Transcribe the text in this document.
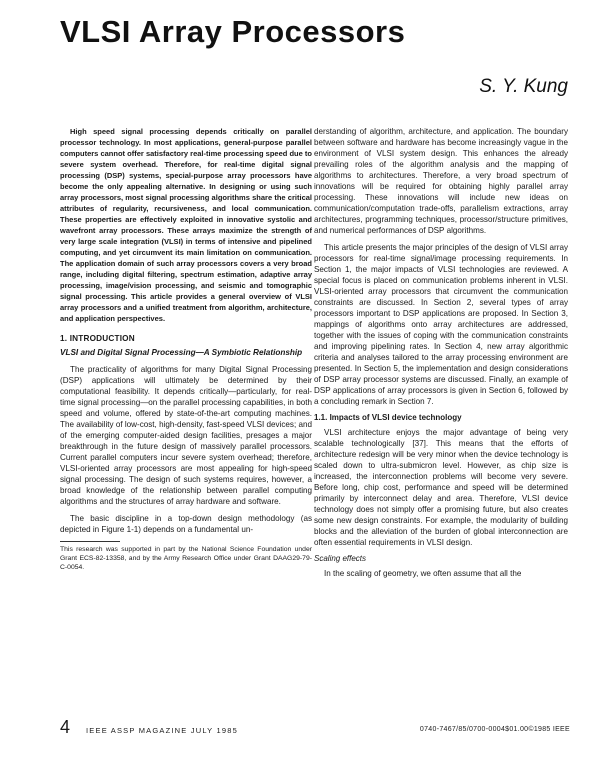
VLSI Array Processors
S. Y. Kung

High speed signal processing depends critically on parallel processor technology. In most applications, general-purpose parallel computers cannot offer satisfactory real-time processing speed due to severe system overhead. Therefore, for real-time digital signal processing (DSP) systems, special-purpose array processors have become the only appealing alternative. In designing or using such array processors, most signal processing algorithms share the critical attributes of regularity, recursiveness, and local communication. These properties are effectively exploited in innovative systolic and wavefront array processors. These arrays maximize the strength of very large scale integration (VLSI) in terms of intensive and pipelined computing, and yet circumvent its main limitation on communication. The application domain of such array processors covers a very broad range, including digital filtering, spectrum estimation, adaptive array processing, image/vision processing, and seismic and tomographic signal processing. This article provides a general overview of VLSI array processors and a unified treatment from algorithm, architecture, and application perspectives.

1. INTRODUCTION
VLSI and Digital Signal Processing—A Symbiotic Relationship

The practicality of algorithms for many Digital Signal Processing (DSP) applications will ultimately be determined by their computational feasibility. It depends critically—particularly, for real-time signal processing—on the parallel processing capabilities, in both speed and volume, offered by state-of-the-art computing machines. The availability of low-cost, high-density, fast-speed VLSI devices; and of the emerging computer-aided design facilities, presages a major breakthrough in the future design of massively parallel processors. Current parallel computers incur severe system overhead; therefore, VLSI-oriented array processors are most appealing for high-speed signal processing. The design of such systems requires, however, a broad knowledge of the relationship between parallel computing algorithms and the structures of array hardware and software.

The basic discipline in a top-down design methodology (as depicted in Figure 1-1) depends on a fundamental un-

This research was supported in part by the National Science Foundation under Grant ECS-82-13358, and by the Army Research Office under Grant DAAG29-79-C-0054.

derstanding of algorithm, architecture, and application. The boundary between software and hardware has become increasingly vague in the environment of VLSI system design. This enhances the already prevailing roles of the algorithm analysis and the mapping of algorithms to architectures. Therefore, a very broad spectrum of innovations will be required for obtaining highly parallel array processing. These innovations will include new ideas on communication/computation trade-offs, parallelism extractions, array architectures, programming techniques, processor/structure primitives, and numerical performances of DSP algorithms.

This article presents the major principles of the design of VLSI array processors for real-time signal/image processing requirements. In Section 1, the major impacts of VLSI technologies are reviewed. A special focus is placed on communication problems inherent in VLSI. VLSI-oriented array processors that circumvent the communication constraints are discussed. In Section 2, several types of array processors important to DSP applications are proposed. In Section 3, mappings of algorithms onto array architectures are addressed, together with the issues of coping with the communication constraints and improving pipelining rates. In Section 4, new array algorithmic criteria and analyses tailored to the array processing environment are presented. In Section 5, the implementation and design considerations of DSP array processor systems are discussed. Finally, an example of DSP applications of array processors is given in Section 6, followed by a concluding remark in Section 7.

1.1. Impacts of VLSI device technology

VLSI architecture enjoys the major advantage of being very scalable technologically [37]. This means that the efforts of architecture redesign will be very minor when the device technology is scaled down to ultra-submicron level. However, as chip size is increased, the interconnection problems will become very severe. Before long, chip cost, performance and speed will be determined primarily by interconnect delay and area. Therefore, VLSI device technology does not simply offer a promising future, but also creates some new design constraints. For example, the modularity of building blocks and the alleviation of the burden of global interconnection are often essential requirements in VLSI design.

Scaling effects

In the scaling of geometry, we often assume that all the

4 IEEE ASSP MAGAZINE JULY 1985	0740-7467/85/0700-0004$01.00©1985 IEEE
